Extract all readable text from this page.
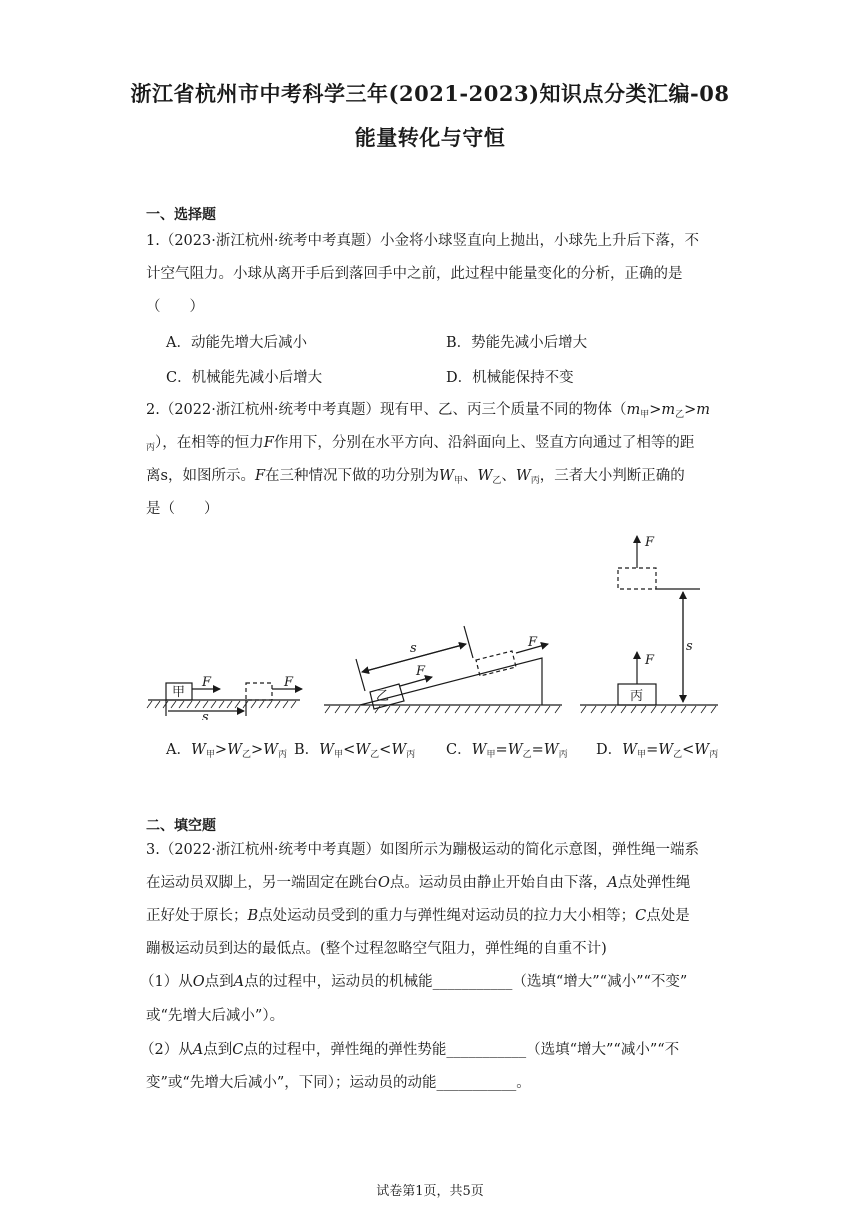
浙江省杭州市中考科学三年(2021-2023)知识点分类汇编-08
能量转化与守恒
一、选择题
1.（2023·浙江杭州·统考中考真题）小金将小球竖直向上抛出，小球先上升后下落，不
计空气阻力。小球从离开手后到落回手中之前，此过程中能量变化的分析，正确的是
（　　）
A．动能先增大后减小	B．势能先减小后增大
C．机械能先减小后增大	D．机械能保持不变
2.（2022·浙江杭州·统考中考真题）现有甲、乙、丙三个质量不同的物体（$m_甲>m_乙>m$
$_丙$），在相等的恒力F作用下，分别在水平方向、沿斜面向上、竖直方向通过了相等的距
离s，如图所示。F在三种情况下做的功分别为$W_甲$、$W_乙$、$W_丙$，三者大小判断正确的
是（　　）
甲
F	F
s
乙
F
F
s
丙
F
F
s
A．$W_甲>W_乙>W_丙$ B．$W_甲<W_乙<W_丙$ C．$W_甲=W_乙=W_丙$ D．$W_甲=W_乙<W_丙$
二、填空题
3.（2022·浙江杭州·统考中考真题）如图所示为蹦极运动的简化示意图，弹性绳一端系
在运动员双脚上，另一端固定在跳台O点。运动员由静止开始自由下落，A点处弹性绳
正好处于原长；B点处运动员受到的重力与弹性绳对运动员的拉力大小相等；C点处是
蹦极运动员到达的最低点。(整个过程忽略空气阻力，弹性绳的自重不计)
（1）从O点到A点的过程中，运动员的机械能___________（选填“增大”“减小”“不变”
或“先增大后减小”）。
（2）从A点到C点的过程中，弹性绳的弹性势能___________（选填“增大”“减小”“不
变”或“先增大后减小”，下同）；运动员的动能___________。
试卷第1页，共5页
